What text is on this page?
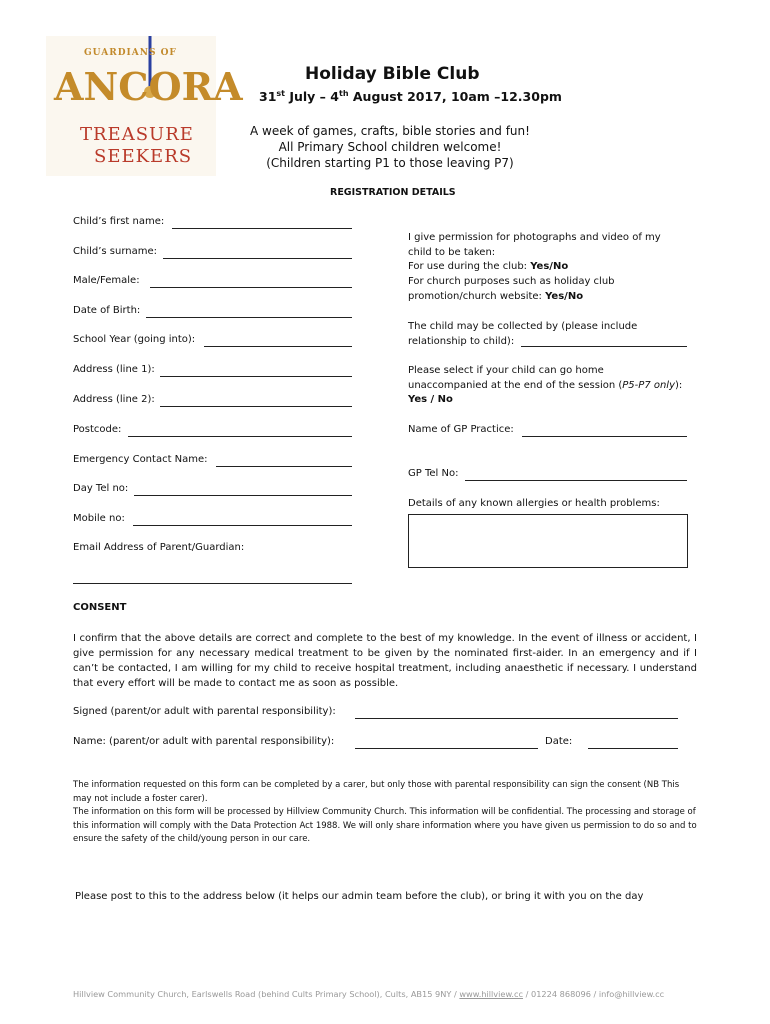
GUARDIANS OF
ANCORA
TREASURE
SEEKERS
Holiday Bible Club
31st July – 4th August 2017, 10am –12.30pm
A week of games, crafts, bible stories and fun!
All Primary School children welcome!
(Children starting P1 to those leaving P7)
REGISTRATION DETAILS
Child’s first name:
Child’s surname:
Male/Female:
Date of Birth:
School Year (going into):
Address (line 1):
Address (line 2):
Postcode:
Emergency Contact Name:
Day Tel no:
Mobile no:
Email Address of Parent/Guardian:
I give permission for photographs and video of my
child to be taken:
For use during the club: Yes/No
For church purposes such as holiday club
promotion/church website: Yes/No
The child may be collected by (please include
relationship to child):
Please select if your child can go home
unaccompanied at the end of the session (P5-P7 only):
Yes / No
Name of GP Practice:
GP Tel No:
Details of any known allergies or health problems:
CONSENT
I confirm that the above details are correct and complete to the best of my knowledge. In the event of illness or accident, I give permission for any necessary medical treatment to be given by the nominated first-aider. In an emergency and if I can’t be contacted, I am willing for my child to receive hospital treatment, including anaesthetic if necessary. I understand that every effort will be made to contact me as soon as possible.
Signed (parent/or adult with parental responsibility):
Name: (parent/or adult with parental responsibility):	Date:
The information requested on this form can be completed by a carer, but only those with parental responsibility can sign the consent (NB This may not include a foster carer).
The information on this form will be processed by Hillview Community Church. This information will be confidential. The processing and storage of this information will comply with the Data Protection Act 1988. We will only share information where you have given us permission to do so and to ensure the safety of the child/young person in our care.
Please post to this to the address below (it helps our admin team before the club), or bring it with you on the day
Hillview Community Church, Earlswells Road (behind Cults Primary School), Cults, AB15 9NY / www.hillview.cc / 01224 868096 / info@hillview.cc
